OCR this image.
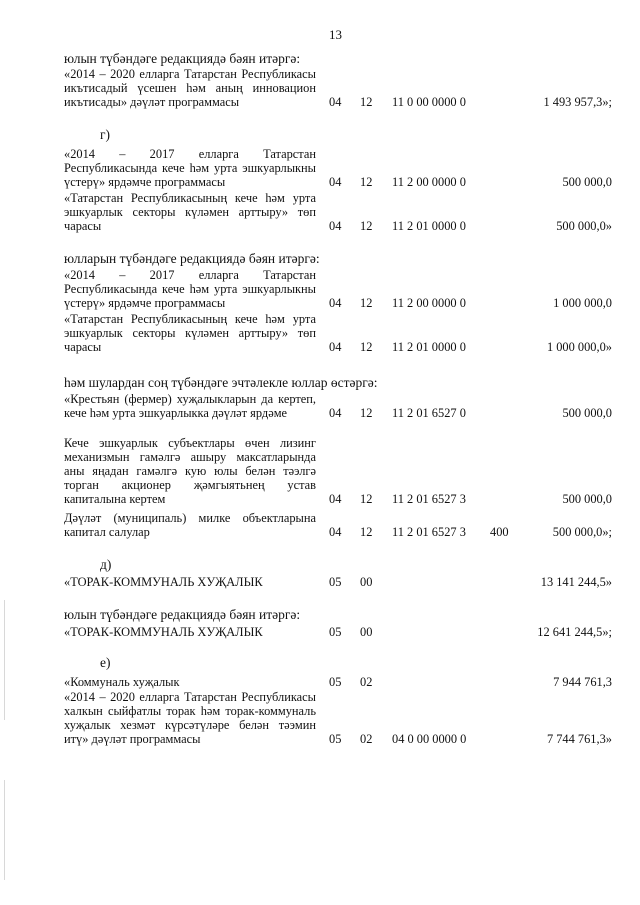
13
юлын түбәндәге редакциядә бәян итәргә:
«2014 – 2020 елларга Татарстан Республикасы икътисадый үсешен һәм аның инновацион икътисады» дәүләт программасы	04 12 11 0 00 0000 0	1 493 957,3»;
г)
«2014 – 2017 елларга Татарстан Республикасында кече һәм урта эшкуарлыкны үстерү» ярдәмче программасы	04 12 11 2 00 0000 0	500 000,0
«Татарстан Республикасының кече һәм урта эшкуарлык секторы күләмен арттыру» төп чарасы	04 12 11 2 01 0000 0	500 000,0»
юлларын түбәндәге редакциядә бәян итәргә:
«2014 – 2017 елларга Татарстан Республикасында кече һәм урта эшкуарлыкны үстерү» ярдәмче программасы	04 12 11 2 00 0000 0	1 000 000,0
«Татарстан Республикасының кече һәм урта эшкуарлык секторы күләмен арттыру» төп чарасы	04 12 11 2 01 0000 0	1 000 000,0»
һәм шулардан соң түбәндәге эчтәлекле юллар өстәргә:
«Крестьян (фермер) хуҗалыкларын да кертеп, кече һәм урта эшкуарлыкка дәүләт ярдәме	04 12 11 2 01 6527 0	500 000,0
Кече эшкуарлык субъектлары өчен лизинг механизмын гамәлгә ашыру максатларында аны яңадан гамәлгә кую юлы белән тәэлгә торган акционер җәмгыятьнең устав капиталына кертем	04 12 11 2 01 6527 3	500 000,0
Дәүләт (муниципаль) милке объектларына капитал салулар	04 12 11 2 01 6527 3 400	500 000,0»;
д)
«ТОРАК-КОММУНАЛЬ ХУҖАЛЫК	05 00	13 141 244,5»
юлын түбәндәге редакциядә бәян итәргә:
«ТОРАК-КОММУНАЛЬ ХУҖАЛЫК	05 00	12 641 244,5»;
е)
«Коммуналь хуҗалык	05 02	7 944 761,3
«2014 – 2020 елларга Татарстан Республикасы халкын сыйфатлы торак һәм торак-коммуналь хуҗалык хезмәт күрсәтүләре белән тәэмин итү» дәүләт программасы	05 02 04 0 00 0000 0	7 744 761,3»
